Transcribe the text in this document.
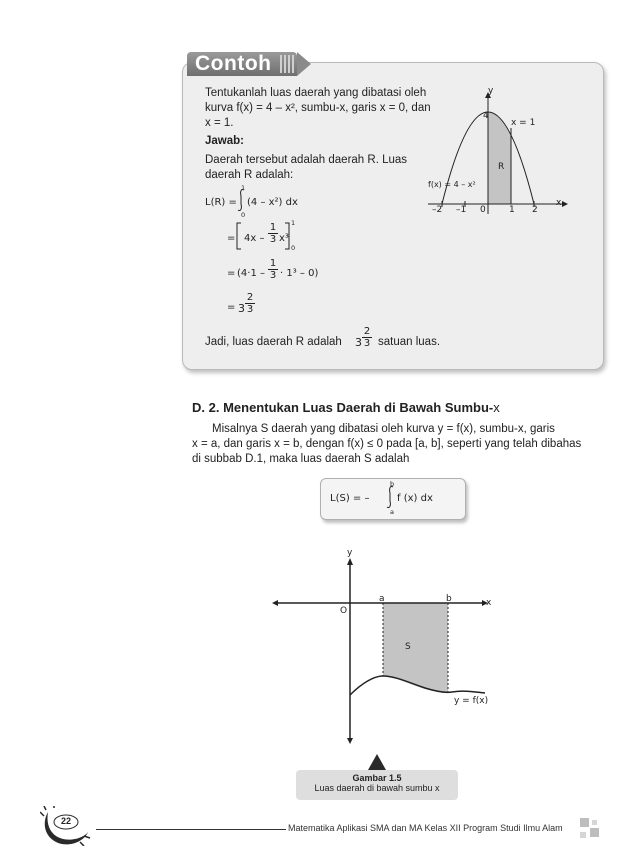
Contoh
Tentukanlah luas daerah yang dibatasi oleh
kurva f(x) = 4 – x², sumbu-x, garis x = 0, dan
x = 1.
Jawab:
Daerah tersebut adalah daerah R. Luas
daerah R adalah:
L(R) =
1
0
(4 – x²) dx
= $4x - \frac{1}{3} x^3$
1
0
= $(4\cdot 1 - \frac{1}{3} \cdot 1^3 - 0)$
= $3 \frac{2}{3}$
Jadi, luas daerah R adalah $3 \frac{2}{3}$ satuan luas.
y
x
4
x = 1
R
f(x) = 4 – x²
–2 –1 0	1 2
D. 2. Menentukan Luas Daerah di Bawah Sumbu-x
Misalnya S daerah yang dibatasi oleh kurva y = f(x), sumbu-x, garis
x = a, dan garis x = b, dengan f(x) ≤ 0 pada [a, b], seperti yang telah dibahas
di subbab D.1, maka luas daerah S adalah
L(S) = –
b
a
f (x) dx
y
x
O
a	b
S
y = f(x)
Gambar 1.5
Luas daerah di bawah sumbu x
22
Matematika Aplikasi SMA dan MA Kelas XII Program Studi Ilmu Alam
